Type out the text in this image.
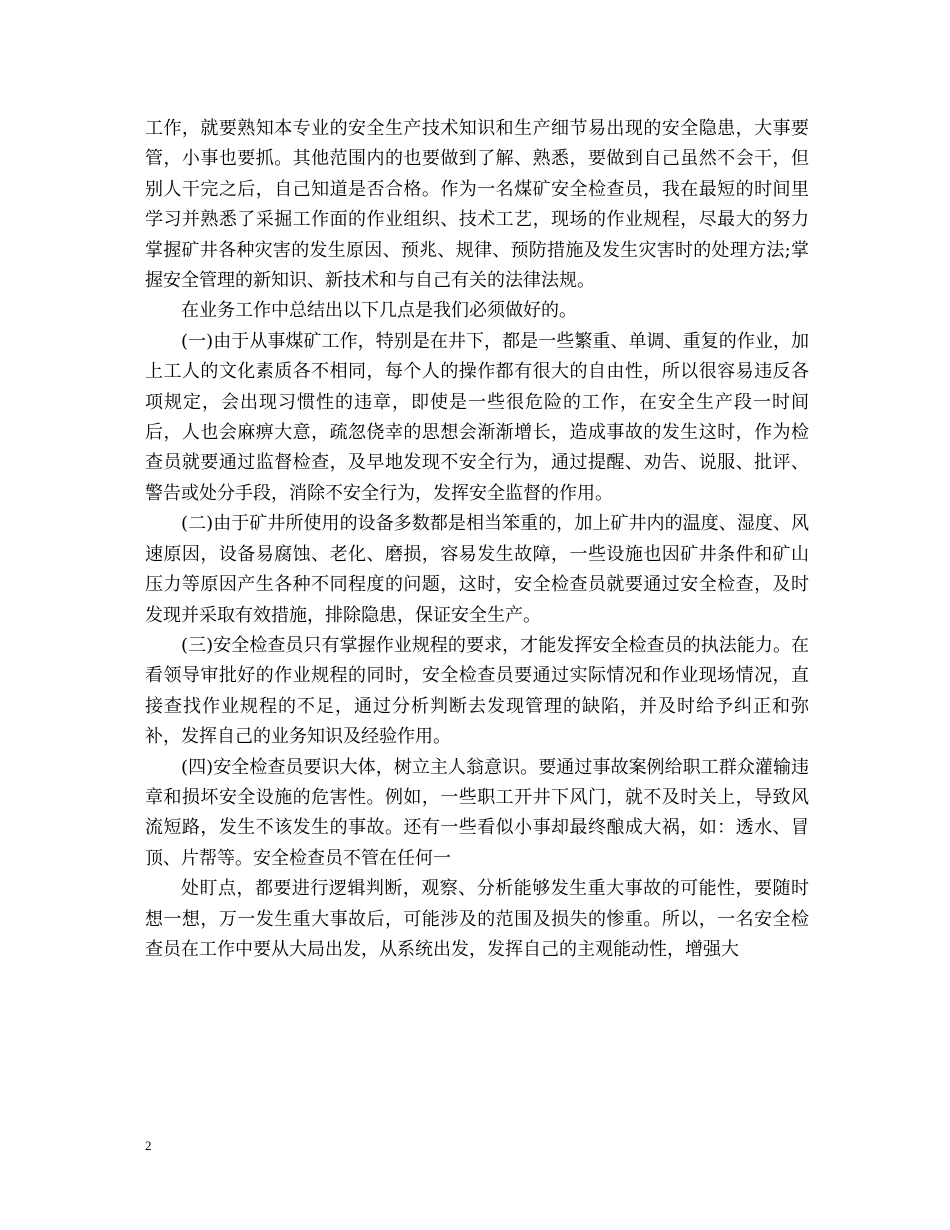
工作，就要熟知本专业的安全生产技术知识和生产细节易出现的安全隐患，大事要管，小事也要抓。其他范围内的也要做到了解、熟悉，要做到自己虽然不会干，但别人干完之后，自己知道是否合格。作为一名煤矿安全检查员，我在最短的时间里学习并熟悉了采掘工作面的作业组织、技术工艺，现场的作业规程，尽最大的努力掌握矿井各种灾害的发生原因、预兆、规律、预防措施及发生灾害时的处理方法;掌握安全管理的新知识、新技术和与自己有关的法律法规。

在业务工作中总结出以下几点是我们必须做好的。

(一)由于从事煤矿工作，特别是在井下，都是一些繁重、单调、重复的作业，加上工人的文化素质各不相同，每个人的操作都有很大的自由性，所以很容易违反各项规定，会出现习惯性的违章，即使是一些很危险的工作，在安全生产段一时间后，人也会麻痹大意，疏忽侥幸的思想会渐渐增长，造成事故的发生这时，作为检查员就要通过监督检查，及早地发现不安全行为，通过提醒、劝告、说服、批评、警告或处分手段，消除不安全行为，发挥安全监督的作用。

(二)由于矿井所使用的设备多数都是相当笨重的，加上矿井内的温度、湿度、风速原因，设备易腐蚀、老化、磨损，容易发生故障，一些设施也因矿井条件和矿山压力等原因产生各种不同程度的问题，这时，安全检查员就要通过安全检查，及时发现并采取有效措施，排除隐患，保证安全生产。

(三)安全检查员只有掌握作业规程的要求，才能发挥安全检查员的执法能力。在看领导审批好的作业规程的同时，安全检查员要通过实际情况和作业现场情况，直接查找作业规程的不足，通过分析判断去发现管理的缺陷，并及时给予纠正和弥补，发挥自己的业务知识及经验作用。

(四)安全检查员要识大体，树立主人翁意识。要通过事故案例给职工群众灌输违章和损坏安全设施的危害性。例如，一些职工开井下风门，就不及时关上，导致风流短路，发生不该发生的事故。还有一些看似小事却最终酿成大祸，如：透水、冒顶、片帮等。安全检查员不管在任何一

处盯点，都要进行逻辑判断，观察、分析能够发生重大事故的可能性，要随时想一想，万一发生重大事故后，可能涉及的范围及损失的惨重。所以，一名安全检查员在工作中要从大局出发，从系统出发，发挥自己的主观能动性，增强大

2
